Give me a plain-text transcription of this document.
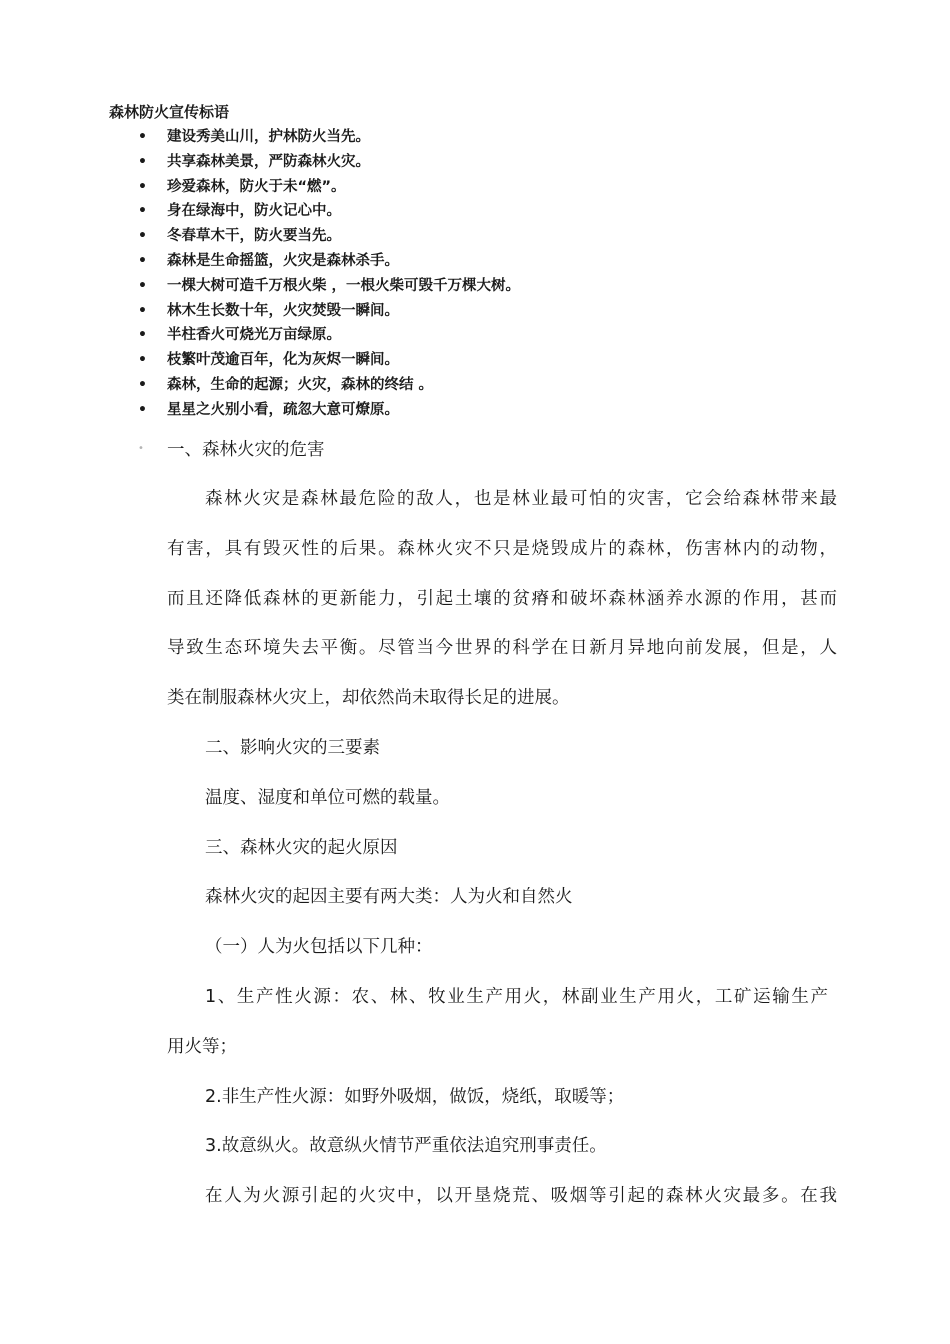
森林防火宣传标语
• 建设秀美山川，护林防火当先。
• 共享森林美景，严防森林火灾。
• 珍爱森林，防火于未“燃”。
• 身在绿海中，防火记心中。
• 冬春草木干，防火要当先。
• 森林是生命摇篮，火灾是森林杀手。
• 一棵大树可造千万根火柴 ，一根火柴可毁千万棵大树。
• 林木生长数十年，火灾焚毁一瞬间。
• 半柱香火可烧光万亩绿原。
• 枝繁叶茂逾百年，化为灰烬一瞬间。
• 森林，生命的起源；火灾，森林的终结 。
• 星星之火别小看，疏忽大意可燎原。
• 一、森林火灾的危害
森林火灾是森林最危险的敌人，也是林业最可怕的灾害，它会给森林带来最
有害，具有毁灭性的后果。森林火灾不只是烧毁成片的森林，伤害林内的动物，
而且还降低森林的更新能力，引起土壤的贫瘠和破坏森林涵养水源的作用，甚而
导致生态环境失去平衡。尽管当今世界的科学在日新月异地向前发展，但是，人
类在制服森林火灾上，却依然尚未取得长足的进展。
二、影响火灾的三要素
温度、湿度和单位可燃的载量。
三、森林火灾的起火原因
森林火灾的起因主要有两大类：人为火和自然火
（一）人为火包括以下几种：
1、生产性火源：农、林、牧业生产用火，林副业生产用火，工矿运输生产
用火等；
2.非生产性火源：如野外吸烟，做饭，烧纸，取暖等；
3.故意纵火。故意纵火情节严重依法追究刑事责任。
在人为火源引起的火灾中，以开垦烧荒、吸烟等引起的森林火灾最多。在我
